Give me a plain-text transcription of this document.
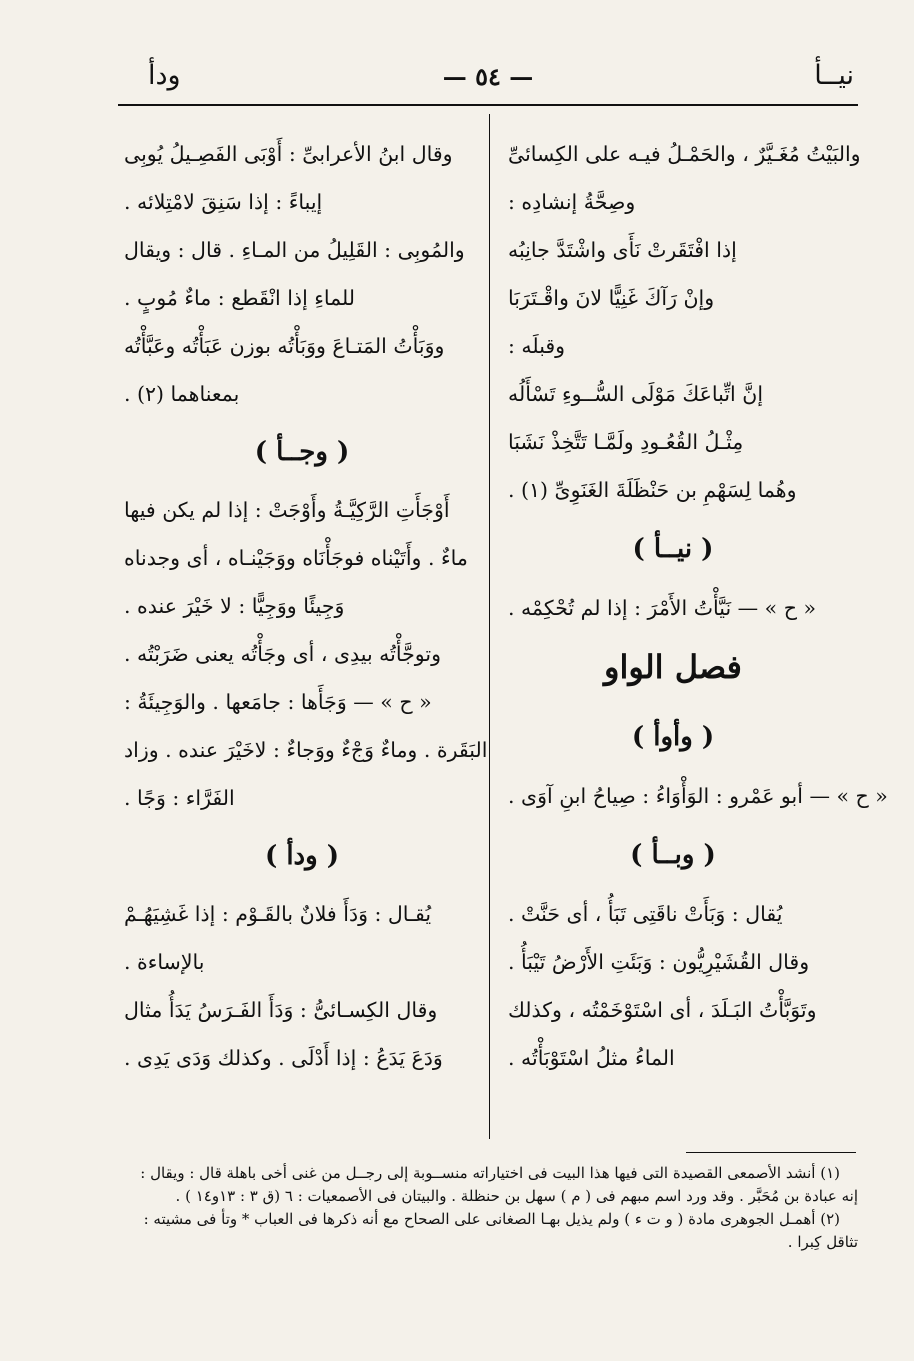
نيــأ
— ٥٤ —
ودأ
والبَيْتُ مُغَـيَّرٌ ، والحَمْـلُ فيـه على الكِسائىِّ
وصِحَّةُ إنشادِه :
إذا افْتَقَرتْ نَأَى واشْتَدَّ جانِبُه
وإنْ رَآكَ غَنِيًّا لانَ واقْـتَرَبَا
وقبلَه :
إنَّ اتِّباعَكَ مَوْلَى السُّــوءِ تَسْأَلُه
مِثْـلُ القُعُـودِ ولَمَّـا تَتَّخِذْ نَشَبَا
وهُما لِسَهْمِ بن حَنْظَلَةَ الغَنَوِىِّ (١) .
( نيــأ )
« ح » — نَيَّأْتُ الأَمْرَ : إذا لم تُحْكِمْه .
فصل الواو
( وأوأ )
« ح » — أبو عَمْرو : الوَأْوَاءُ : صِياحُ ابنِ آوَى .
( وبــأ )
يُقال : وَبَأَتْ ناقَتِى تَبَأُ ، أى حَنَّتْ .
وقال القُشَيْرِيُّون : وَبَئَتِ الأَرْضُ تَيْبَأُ .
وتَوَبَّأْتُ البَـلَدَ ، أى اسْتَوْخَمْتُه ، وكذلك
الماءُ مثلُ اسْتَوْبَأْتُه .
وقال ابنُ الأعرابىِّ : أَوْبَى الفَصِـيلُ يُوبِى
إيباءً : إذا سَنِقَ لامْتِلائه .
والمُوبِى : القَلِيلُ من المـاءِ . قال : ويقال
للماءِ إذا انْقَطع : ماءٌ مُوبٍ .
ووَبَأْتُ المَتـاعَ ووَبَأْتُه بوزن عَبَأْتُه وعَبَّأْتُه
بمعناهما (٢) .
( وجــأ )
أَوْجَأَتِ الرَّكِيَّـةُ وأَوْجَتْ : إذا لم يكن فيها
ماءٌ . وأَتَيْناه فوجَأْنَاه ووَجَيْنـاه ، أى وجدناه
وَجِيئًا ووَجِيًّا : لا خَيْرَ عنده .
وتوجَّأْتُه بيدِى ، أى وجَأْتُه يعنى ضَرَبْتُه .
« ح » — وَجَأَها : جامَعها . والوَجِيئَةُ :
البَقَرة . وماءٌ وَجْءٌ ووَجاءٌ : لاخَيْرَ عنده . وزاد
الفَرَّاء : وَجًا .
( ودأ )
يُقـال : وَدَأَ فلانٌ بالقَـوْم : إذا غَشِيَهُـمْ
بالإساءة .
وقال الكِسـائىُّ : وَدَأَ الفَـرَسُ يَدَأُ مثال
وَدَعَ يَدَعُ : إذا أَدْلَى . وكذلك وَدَى يَدِى .
(١) أنشد الأصمعى القصيدة التى فيها هذا البيت فى اختياراته منســوبة إلى رجــل من غنى أخى باهلة قال : ويقال :
إنه عبادة بن مُحَبَّر . وقد ورد اسم مبهم فى ( م ) سهل بن حنظلة . والبيتان فى الأصمعيات : ٦ (ق ٣ : ١٣و١٤ ) .
(٢) أهمـل الجوهرى مادة ( و ت ء ) ولم يذيل بهـا الصغانى على الصحاح مع أنه ذكرها فى العباب * وتأ فى مشيته :
تثاقل كِبرا .
